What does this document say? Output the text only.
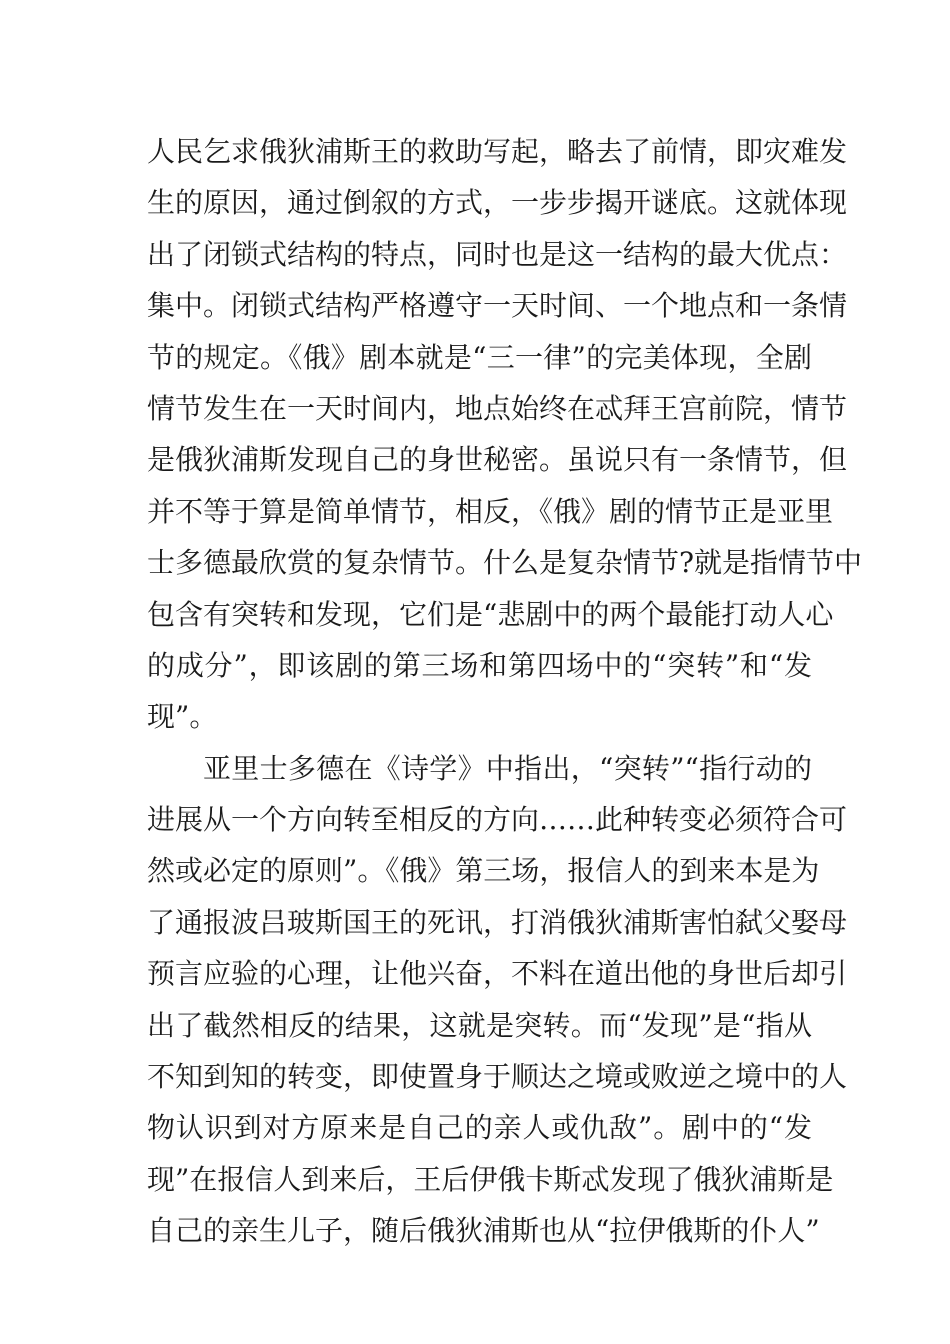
人民乞求俄狄浦斯王的救助写起，略去了前情，即灾难发
生的原因，通过倒叙的方式，一步步揭开谜底。这就体现
出了闭锁式结构的特点，同时也是这一结构的最大优点：
集中。闭锁式结构严格遵守一天时间、一个地点和一条情
节的规定。《俄》剧本就是“三一律”的完美体现，全剧
情节发生在一天时间内，地点始终在忒拜王宫前院，情节
是俄狄浦斯发现自己的身世秘密。虽说只有一条情节，但
并不等于算是简单情节，相反，《俄》剧的情节正是亚里
士多德最欣赏的复杂情节。什么是复杂情节?就是指情节中
包含有突转和发现，它们是“悲剧中的两个最能打动人心
的成分”，即该剧的第三场和第四场中的“突转”和“发
现”。
亚里士多德在《诗学》中指出，“突转”“指行动的
进展从一个方向转至相反的方向……此种转变必须符合可
然或必定的原则”。《俄》第三场，报信人的到来本是为
了通报波吕玻斯国王的死讯，打消俄狄浦斯害怕弑父娶母
预言应验的心理，让他兴奋，不料在道出他的身世后却引
出了截然相反的结果，这就是突转。而“发现”是“指从
不知到知的转变，即使置身于顺达之境或败逆之境中的人
物认识到对方原来是自己的亲人或仇敌”。剧中的“发
现”在报信人到来后，王后伊俄卡斯忒发现了俄狄浦斯是
自己的亲生儿子，随后俄狄浦斯也从“拉伊俄斯的仆人”
